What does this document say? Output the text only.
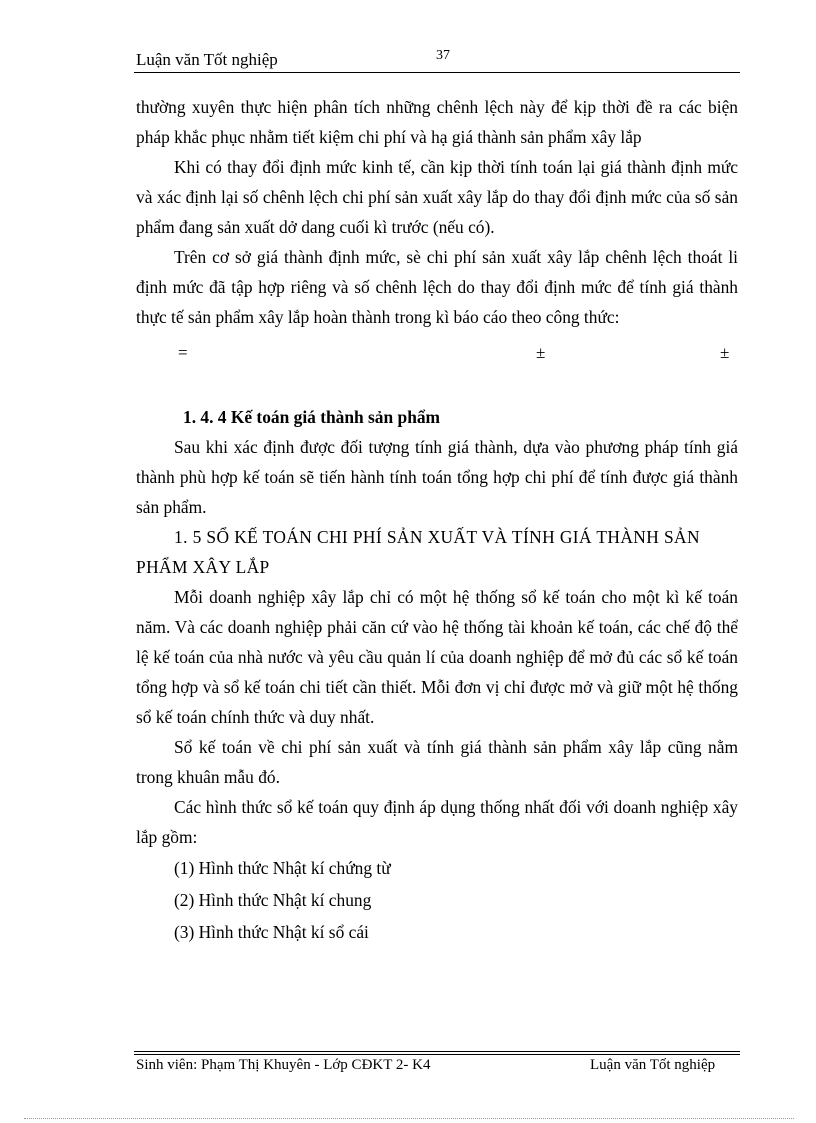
Luận văn Tốt nghiệp	37

thường xuyên thực hiện phân tích những chênh lệch này để kịp thời đề ra các biện pháp khắc phục nhằm tiết kiệm chi phí và hạ giá thành sản phẩm xây lắp

Khi có thay đổi định mức kinh tế, cần kịp thời tính toán lại giá thành định mức và xác định lại số chênh lệch chi phí sản xuất xây lắp do thay đổi định mức của số sản phẩm đang sản xuất dở dang cuối kì trước (nếu có).

Trên cơ sở giá thành định mức, sè chi phí sản xuất xây lắp chênh lệch thoát li định mức đã tập hợp riêng và số chênh lệch do thay đổi định mức để tính giá thành thực tế sản phẩm xây lắp hoàn thành trong kì báo cáo theo công thức:

=	±	±

1. 4. 4 Kế toán giá thành sản phẩm

Sau khi xác định được đối tượng tính giá thành, dựa vào phương pháp tính giá thành phù hợp kế toán sẽ tiến hành tính toán tổng hợp chi phí để tính được giá thành sản phẩm.

1. 5 SỔ KẾ TOÁN CHI PHÍ SẢN XUẤT VÀ TÍNH GIÁ THÀNH SẢN PHẨM XÂY LẮP

Mỗi doanh nghiệp xây lắp chỉ có một hệ thống sổ kế toán cho một kì kế toán năm. Và các doanh nghiệp phải căn cứ vào hệ thống tài khoản kế toán, các chế độ thể lệ kế toán của nhà nước và yêu cầu quản lí của doanh nghiệp để mở đủ các sổ kế toán tổng hợp và sổ kế toán chi tiết cần thiết. Mỗi đơn vị chỉ được mở và giữ một hệ thống sổ kế toán chính thức và duy nhất.

Sổ kế toán về chi phí sản xuất và tính giá thành sản phẩm xây lắp cũng nằm trong khuân mẫu đó.

Các hình thức sổ kế toán quy định áp dụng thống nhất đối với doanh nghiệp xây lắp gồm:

(1) Hình thức Nhật kí chứng từ

(2) Hình thức Nhật kí chung

(3) Hình thức Nhật kí sổ cái

Sinh viên: Phạm Thị Khuyên - Lớp CĐKT 2- K4	Luận văn Tốt nghiệp
